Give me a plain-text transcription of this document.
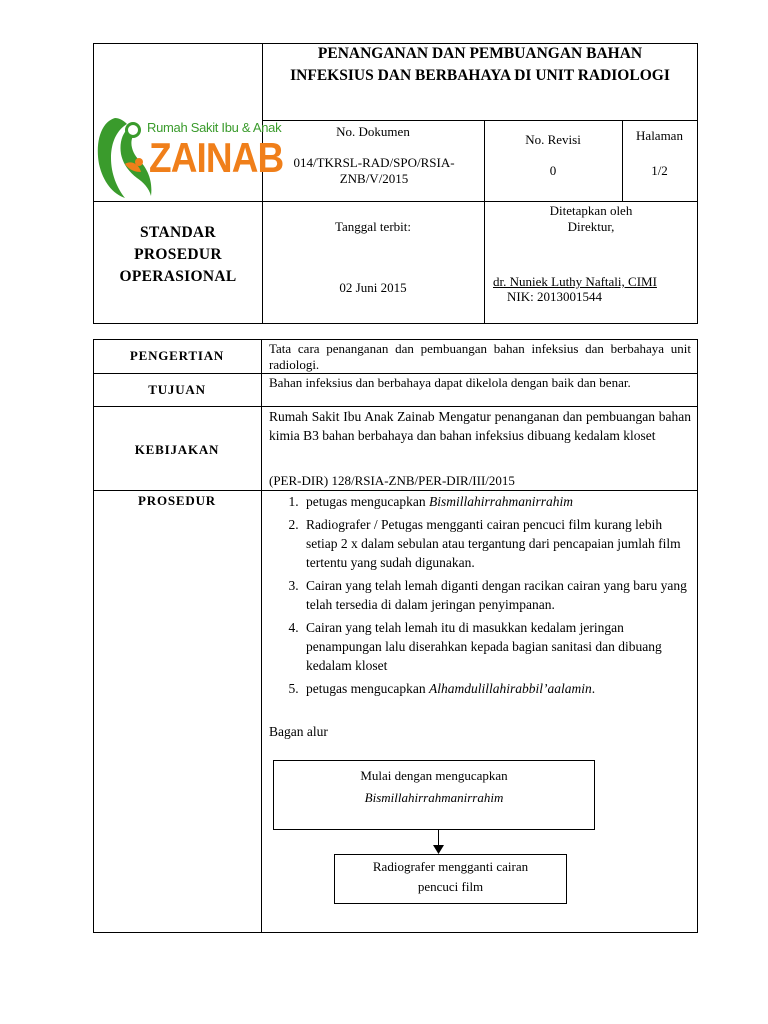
PENANGANAN DAN PEMBUANGAN BAHAN INFEKSIUS DAN BERBAHAYA DI UNIT RADIOLOGI
Rumah Sakit Ibu & Anak
ZAINAB
No. Dokumen
014/TKRSL-RAD/SPO/RSIA-ZNB/V/2015
No. Revisi
0
Halaman
1/2
STANDAR PROSEDUR OPERASIONAL
Tanggal terbit:
02 Juni 2015
Ditetapkan oleh Direktur,
dr. Nuniek Luthy Naftali, CIMI
NIK: 2013001544
PENGERTIAN	Tata cara penanganan dan pembuangan bahan infeksius dan berbahaya unit radiologi.
TUJUAN	Bahan infeksius dan berbahaya dapat dikelola dengan baik dan benar.
KEBIJAKAN
Rumah Sakit Ibu Anak Zainab Mengatur penanganan dan pembuangan bahan kimia B3 bahan berbahaya dan bahan infeksius dibuang kedalam kloset
(PER-DIR) 128/RSIA-ZNB/PER-DIR/III/2015
PROSEDUR
1.	petugas mengucapkan Bismillahirrahmanirrahim
2. Radiografer / Petugas mengganti cairan pencuci film kurang lebih setiap 2 x dalam sebulan atau tergantung dari pencapaian jumlah film tertentu yang sudah digunakan.
3. Cairan yang telah lemah diganti dengan racikan cairan yang baru yang telah tersedia di dalam jeringan penyimpanan.
4. Cairan yang telah lemah itu di masukkan kedalam jeringan penampungan lalu diserahkan kepada bagian sanitasi dan dibuang kedalam kloset
5. petugas mengucapkan Alhamdulillahirabbil’aalamin.
Bagan alur
Mulai dengan mengucapkan
Bismillahirrahmanirrahim
Radiografer mengganti cairan
pencuci film
